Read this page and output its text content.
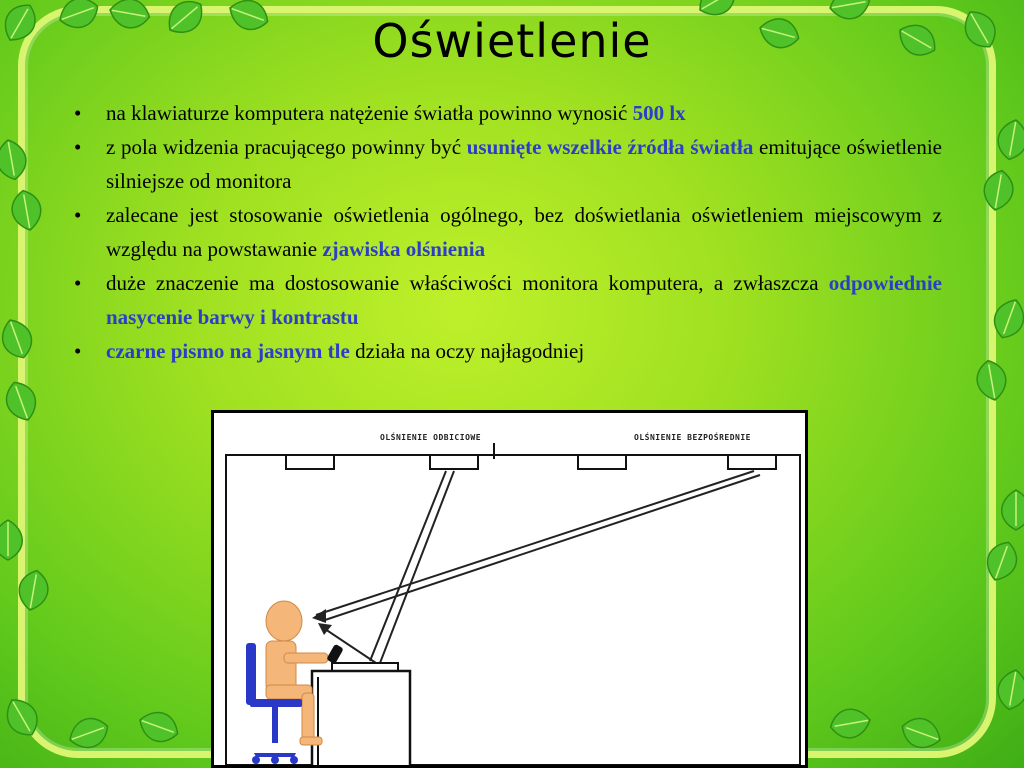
Oświetlenie
• na klawiaturze komputera natężenie światła powinno wynosić 500 lx
• z pola widzenia pracującego powinny być usunięte wszelkie źródła światła emitujące oświetlenie silniejsze od monitora
• zalecane jest stosowanie oświetlenia ogólnego, bez doświetlania oświetleniem miejscowym z względu na powstawanie zjawiska olśnienia
• duże znaczenie ma dostosowanie właściwości monitora komputera, a zwłaszcza odpowiednie nasycenie barwy i kontrastu
• czarne pismo na jasnym tle działa na oczy najłagodniej
OLŚNIENIE ODBICIOWE	OLŚNIENIE BEZPOŚREDNIE
